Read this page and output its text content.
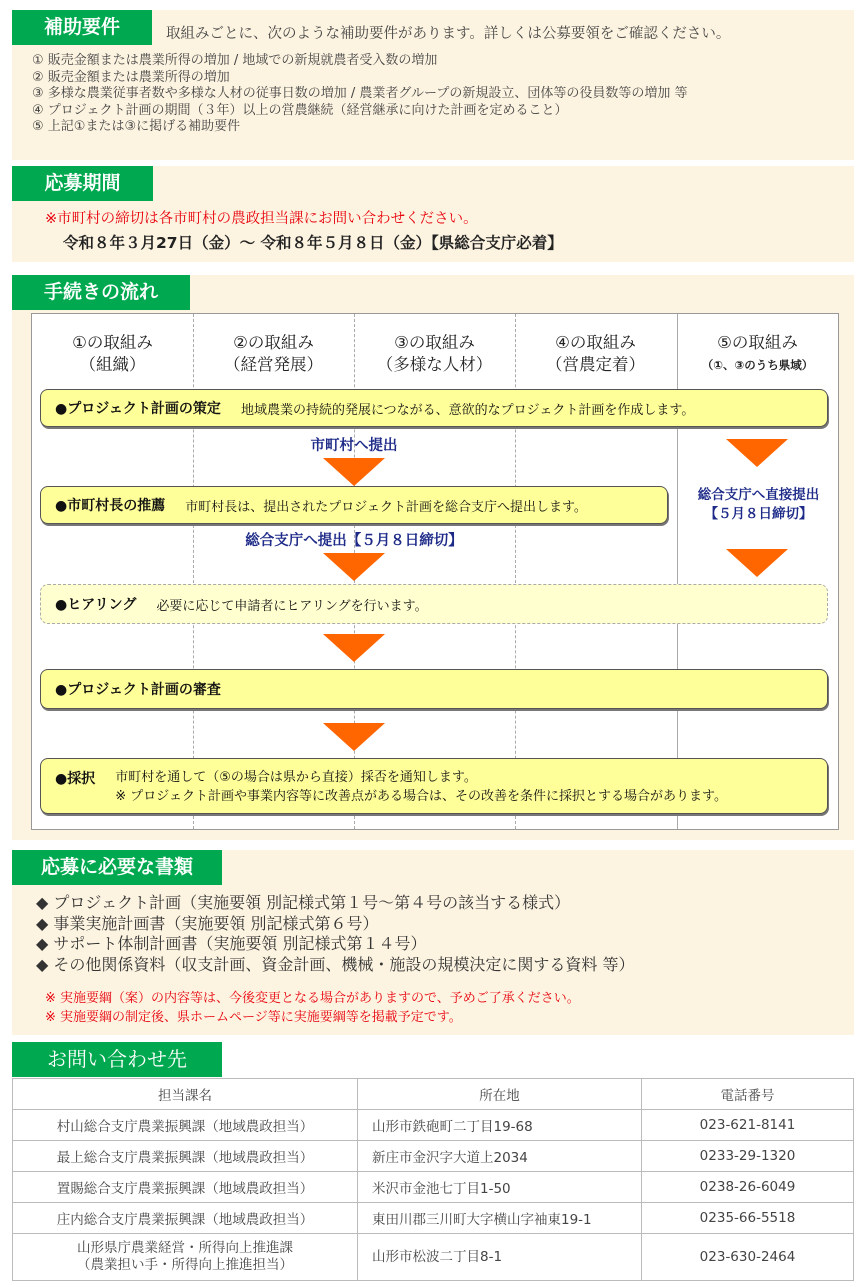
補助要件	取組みごとに、次のような補助要件があります。詳しくは公募要領をご確認ください。
① 販売金額または農業所得の増加 / 地域での新規就農者受入数の増加
② 販売金額または農業所得の増加
③ 多様な農業従事者数や多様な人材の従事日数の増加 / 農業者グループの新規設立、団体等の役員数等の増加 等
④ プロジェクト計画の期間（３年）以上の営農継続（経営継承に向けた計画を定めること）
⑤ 上記①または③に掲げる補助要件
応募期間
※市町村の締切は各市町村の農政担当課にお問い合わせください。
令和８年３月27日（金）～ 令和８年５月８日（金）【県総合支庁必着】
手続きの流れ
①の取組み
（組織）
②の取組み
（経営発展）
③の取組み
（多様な人材）
④の取組み
（営農定着）
⑤の取組み
（①、③のうち県域）
●プロジェクト計画の策定 地域農業の持続的発展につながる、意欲的なプロジェクト計画を作成します。
市町村へ提出
●市町村長の推薦 市町村長は、提出されたプロジェクト計画を総合支庁へ提出します。
総合支庁へ直接提出
【５月８日締切】
総合支庁へ提出【５月８日締切】
●ヒアリング 必要に応じて申請者にヒアリングを行います。
●プロジェクト計画の審査
●採択 市町村を通して（⑤の場合は県から直接）採否を通知します。
※ プロジェクト計画や事業内容等に改善点がある場合は、その改善を条件に採択とする場合があります。
応募に必要な書類
◆ プロジェクト計画（実施要領 別記様式第１号～第４号の該当する様式）
◆ 事業実施計画書（実施要領 別記様式第６号）
◆ サポート体制計画書（実施要領 別記様式第１４号）
◆ その他関係資料（収支計画、資金計画、機械・施設の規模決定に関する資料 等）
※ 実施要綱（案）の内容等は、今後変更となる場合がありますので、予めご了承ください。
※ 実施要綱の制定後、県ホームページ等に実施要綱等を掲載予定です。
お問い合わせ先
担当課名	所在地	電話番号
村山総合支庁農業振興課（地域農政担当）	山形市鉄砲町二丁目19-68	023-621-8141
最上総合支庁農業振興課（地域農政担当）	新庄市金沢字大道上2034	0233-29-1320
置賜総合支庁農業振興課（地域農政担当）	米沢市金池七丁目1-50	0238-26-6049
庄内総合支庁農業振興課（地域農政担当）	東田川郡三川町大字横山字袖東19-1	0235-66-5518

山形県庁農業経営・所得向上推進課
（農業担い手・所得向上推進担当）	山形市松波二丁目8-1	023-630-2464
